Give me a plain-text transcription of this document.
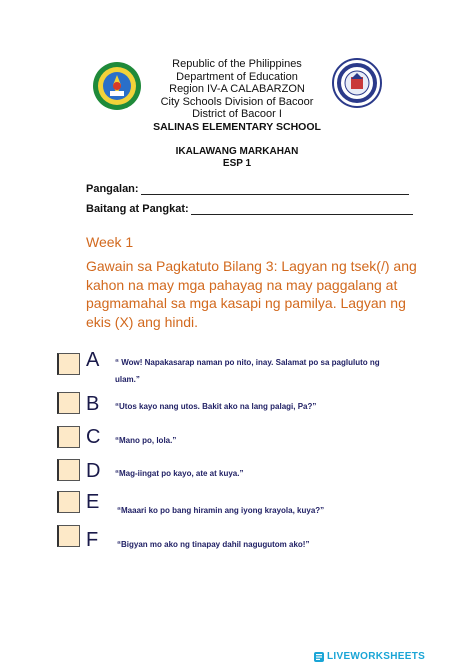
Republic of the Philippines
Department of Education
Region IV-A CALABARZON
City Schools Division of Bacoor
District of Bacoor I
SALINAS ELEMENTARY SCHOOL
IKALAWANG MARKAHAN
ESP 1
Pangalan:
Baitang at Pangkat:
Week 1
Gawain sa Pagkatuto Bilang 3: Lagyan ng tsek(/) ang kahon na may mga pahayag na may paggalang at pagmamahal sa mga kasapi ng pamilya. Lagyan ng ekis (X) ang hindi.
A “ Wow! Napakasarap naman po nito, inay. Salamat po sa pagluluto ng ulam.”
B “Utos kayo nang utos. Bakit ako na lang palagi, Pa?”
C “Mano po, lola.”
D “Mag-iingat po kayo, ate at kuya.”
E “Maaari ko po bang hiramin ang iyong krayola, kuya?”
F “Bigyan mo ako ng tinapay dahil nagugutom ako!”
LIVEWORKSHEETS
